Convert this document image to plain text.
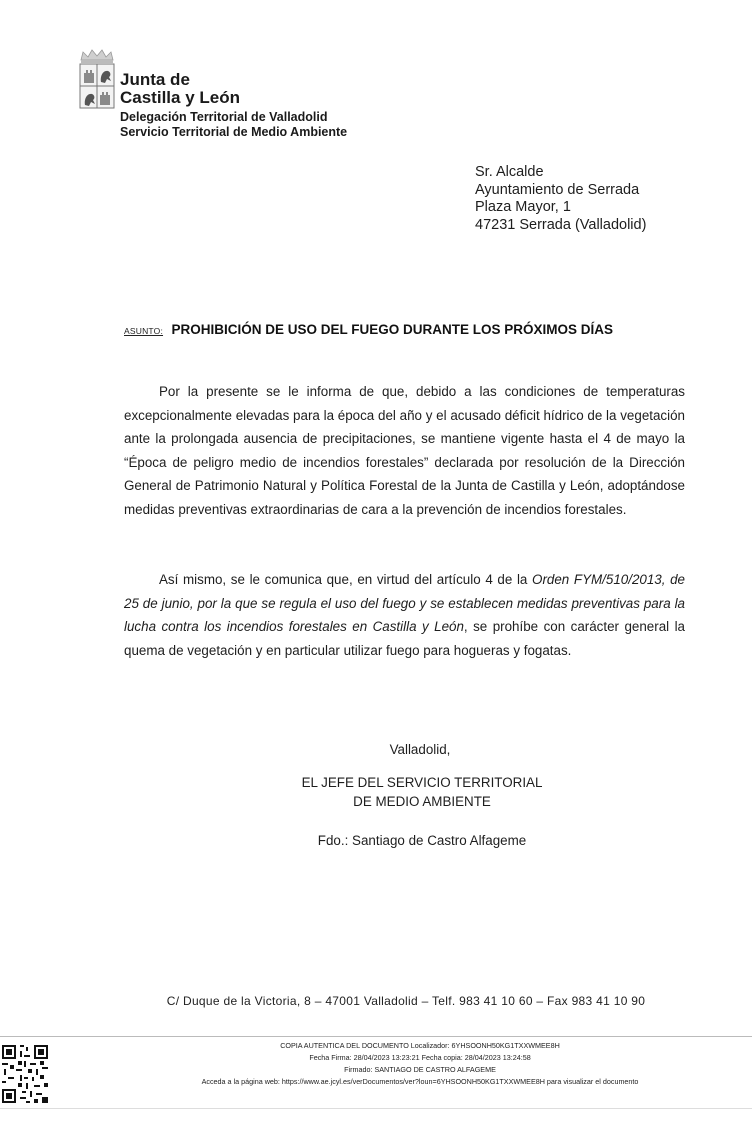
Junta de
Castilla y León
Delegación Territorial de Valladolid
Servicio Territorial de Medio Ambiente
Sr. Alcalde
Ayuntamiento de Serrada
Plaza Mayor, 1
47231 Serrada (Valladolid)
ASUNTO: PROHIBICIÓN DE USO DEL FUEGO DURANTE LOS PRÓXIMOS DÍAS
Por la presente se le informa de que, debido a las condiciones de temperaturas excepcionalmente elevadas para la época del año y el acusado déficit hídrico de la vegetación ante la prolongada ausencia de precipitaciones, se mantiene vigente hasta el 4 de mayo la “Época de peligro medio de incendios forestales” declarada por resolución de la Dirección General de Patrimonio Natural y Política Forestal de la Junta de Castilla y León, adoptándose medidas preventivas extraordinarias de cara a la prevención de incendios forestales.
Así mismo, se le comunica que, en virtud del artículo 4 de la Orden FYM/510/2013, de 25 de junio, por la que se regula el uso del fuego y se establecen medidas preventivas para la lucha contra los incendios forestales en Castilla y León, se prohíbe con carácter general la quema de vegetación y en particular utilizar fuego para hogueras y fogatas.
Valladolid,
EL JEFE DEL SERVICIO TERRITORIAL
DE MEDIO AMBIENTE
Fdo.: Santiago de Castro Alfageme
C/ Duque de la Victoria, 8 – 47001 Valladolid – Telf. 983 41 10 60 – Fax 983 41 10 90
COPIA AUTENTICA DEL DOCUMENTO Localizador: 6YHSOONH50KG1TXXWMEE8H
Fecha Firma: 28/04/2023 13:23:21 Fecha copia: 28/04/2023 13:24:58
Firmado: SANTIAGO DE CASTRO ALFAGEME
Acceda a la página web: https://www.ae.jcyl.es/verDocumentos/ver?loun=6YHSOONH50KG1TXXWMEE8H para visualizar el documento
